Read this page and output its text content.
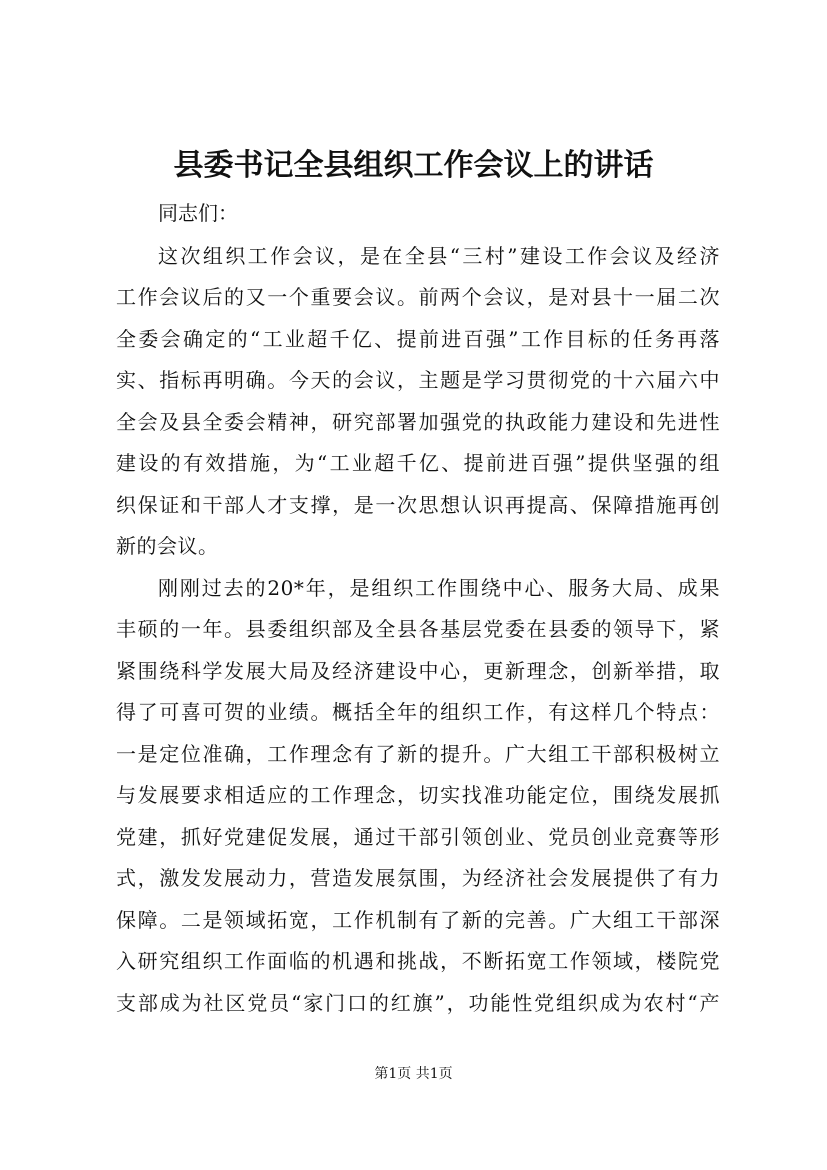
县委书记全县组织工作会议上的讲话
同志们：
这次组织工作会议，是在全县“三村”建设工作会议及经济
工作会议后的又一个重要会议。前两个会议，是对县十一届二次
全委会确定的“工业超千亿、提前进百强”工作目标的任务再落
实、指标再明确。今天的会议，主题是学习贯彻党的十六届六中
全会及县全委会精神，研究部署加强党的执政能力建设和先进性
建设的有效措施，为“工业超千亿、提前进百强”提供坚强的组
织保证和干部人才支撑，是一次思想认识再提高、保障措施再创
新的会议。
刚刚过去的20*年，是组织工作围绕中心、服务大局、成果
丰硕的一年。县委组织部及全县各基层党委在县委的领导下，紧
紧围绕科学发展大局及经济建设中心，更新理念，创新举措，取
得了可喜可贺的业绩。概括全年的组织工作，有这样几个特点：
一是定位准确，工作理念有了新的提升。广大组工干部积极树立
与发展要求相适应的工作理念，切实找准功能定位，围绕发展抓
党建，抓好党建促发展，通过干部引领创业、党员创业竞赛等形
式，激发发展动力，营造发展氛围，为经济社会发展提供了有力
保障。二是领域拓宽，工作机制有了新的完善。广大组工干部深
入研究组织工作面临的机遇和挑战，不断拓宽工作领域，楼院党
支部成为社区党员“家门口的红旗”，功能性党组织成为农村“产
第1页 共1页
